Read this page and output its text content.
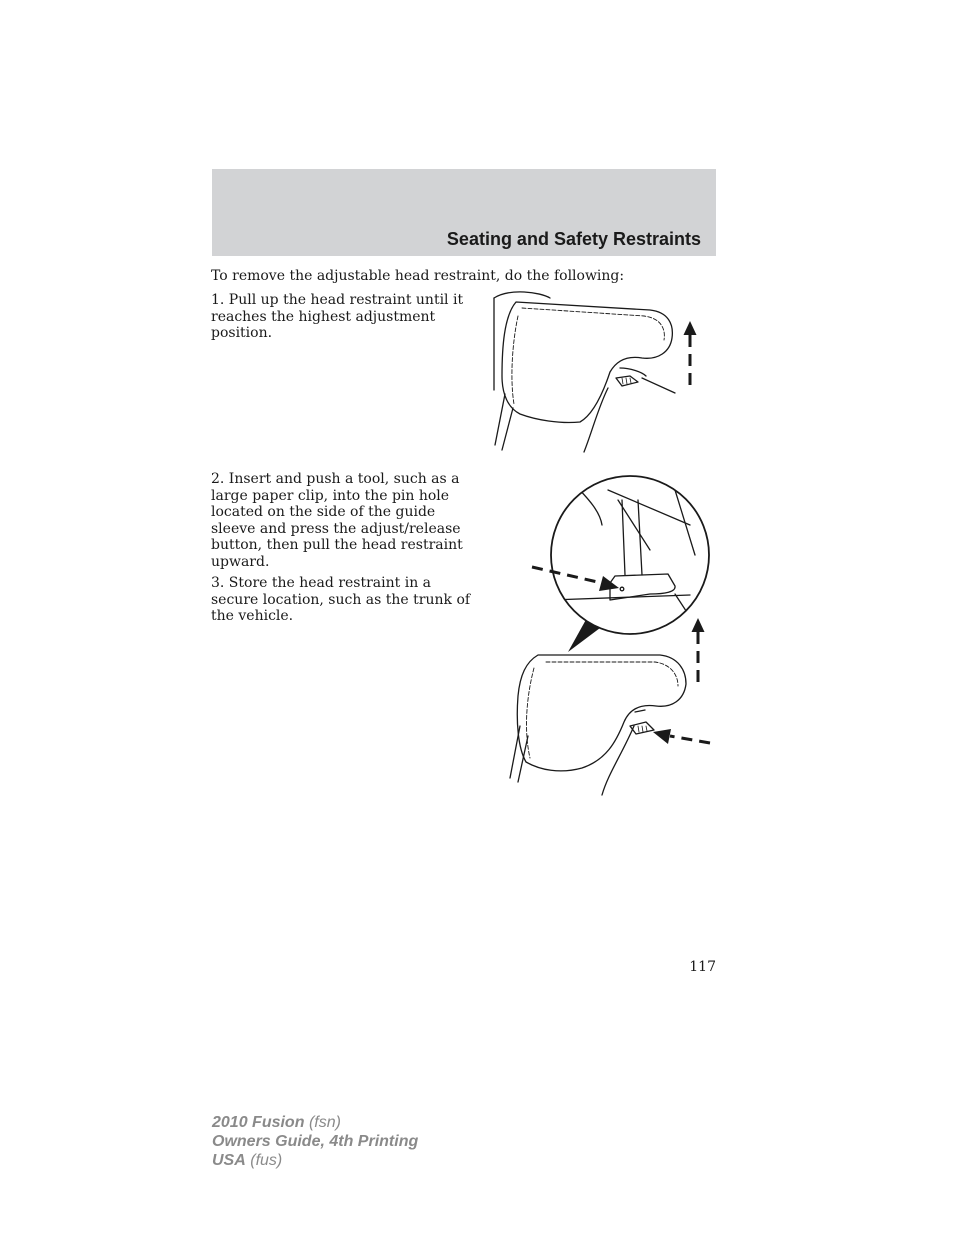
Seating and Safety Restraints

To remove the adjustable head restraint, do the following:

1. Pull up the head restraint until it reaches the highest adjustment position.

2. Insert and push a tool, such as a large paper clip, into the pin hole located on the side of the guide sleeve and press the adjust/release button, then pull the head restraint upward.

3. Store the head restraint in a secure location, such as the trunk of the vehicle.

117
2010 Fusion (fsn)
Owners Guide, 4th Printing
USA (fus)
